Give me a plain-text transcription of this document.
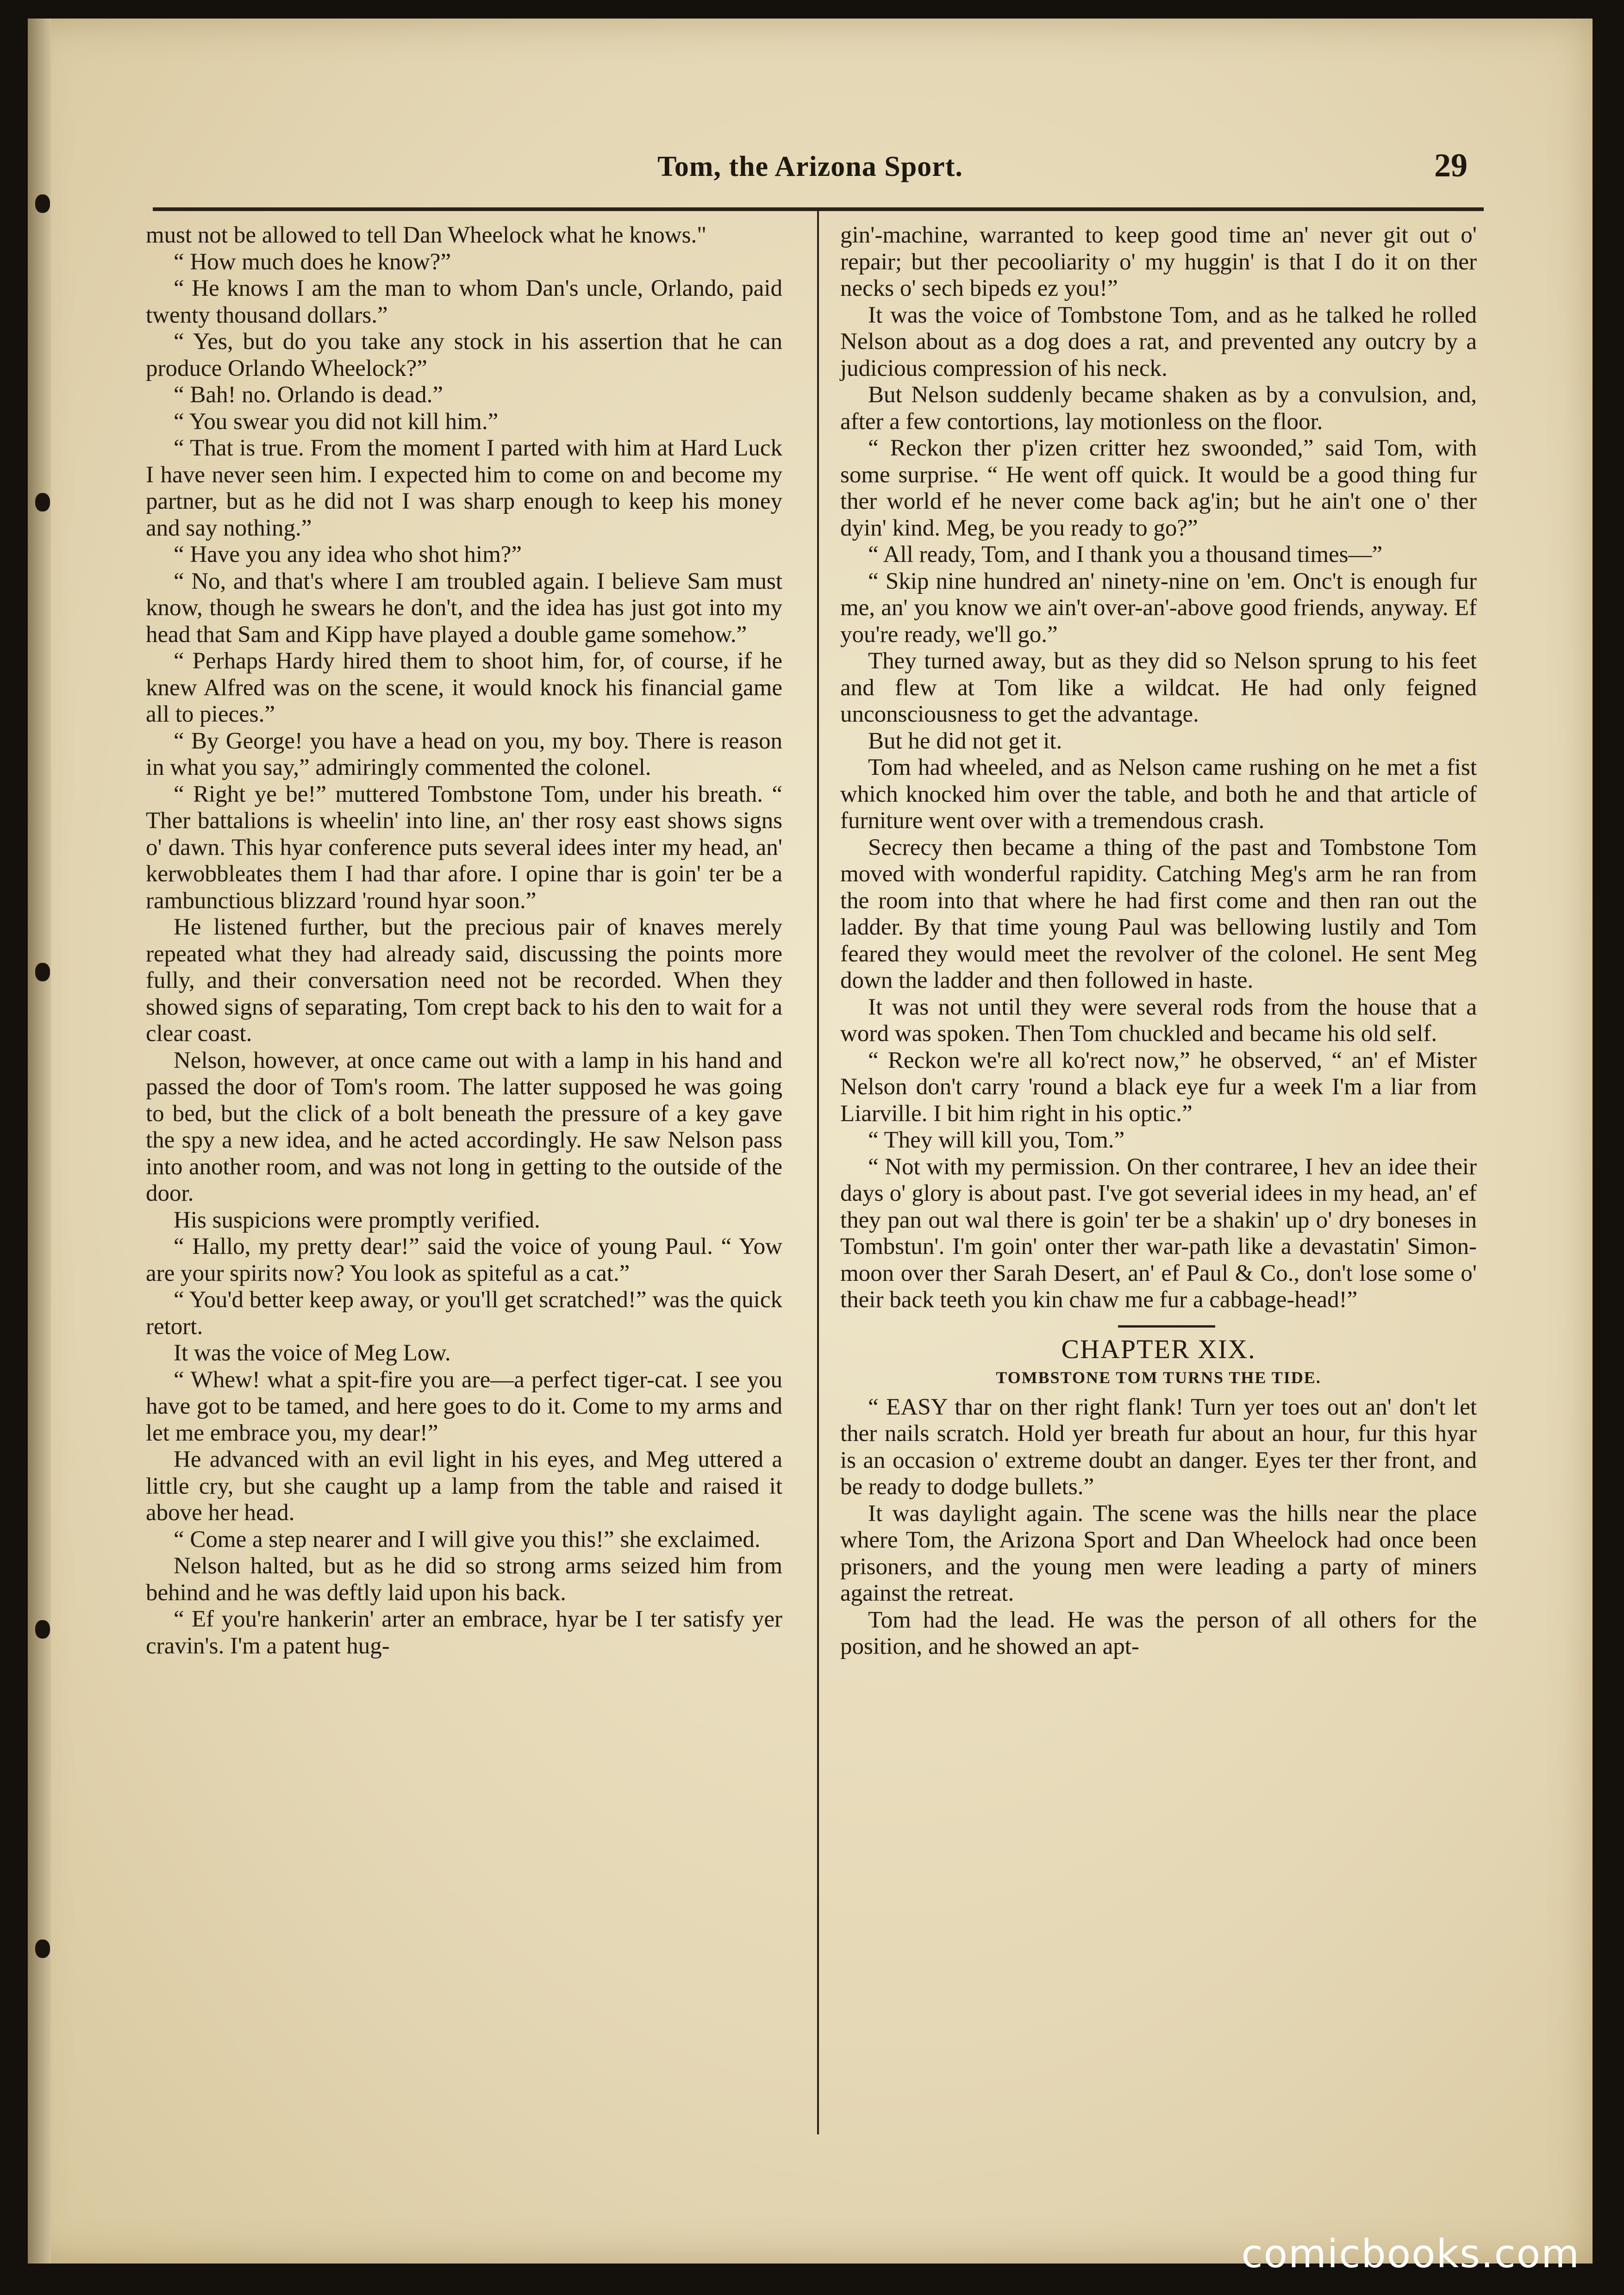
Tom, the Arizona Sport.	29

must not be allowed to tell Dan Wheelock what he knows."

“ How much does he know?”

“ He knows I am the man to whom Dan's uncle, Orlando, paid twenty thousand dollars.”

“ Yes, but do you take any stock in his assertion that he can produce Orlando Wheelock?”

“ Bah! no. Orlando is dead.”

“ You swear you did not kill him.”

“ That is true. From the moment I parted with him at Hard Luck I have never seen him. I expected him to come on and become my partner, but as he did not I was sharp enough to keep his money and say nothing.”

“ Have you any idea who shot him?”

“ No, and that's where I am troubled again. I believe Sam must know, though he swears he don't, and the idea has just got into my head that Sam and Kipp have played a double game somehow.”

“ Perhaps Hardy hired them to shoot him, for, of course, if he knew Alfred was on the scene, it would knock his financial game all to pieces.”

“ By George! you have a head on you, my boy. There is reason in what you say,” admiringly commented the colonel.

“ Right ye be!” muttered Tombstone Tom, under his breath. “ Ther battalions is wheelin' into line, an' ther rosy east shows signs o' dawn. This hyar conference puts several idees inter my head, an' kerwobbleates them I had thar afore. I opine thar is goin' ter be a rambunctious blizzard 'round hyar soon.”

He listened further, but the precious pair of knaves merely repeated what they had already said, discussing the points more fully, and their conversation need not be recorded. When they showed signs of separating, Tom crept back to his den to wait for a clear coast.

Nelson, however, at once came out with a lamp in his hand and passed the door of Tom's room. The latter supposed he was going to bed, but the click of a bolt beneath the pressure of a key gave the spy a new idea, and he acted accordingly. He saw Nelson pass into another room, and was not long in getting to the outside of the door.

His suspicions were promptly verified.

“ Hallo, my pretty dear!” said the voice of young Paul. “ Yow are your spirits now? You look as spiteful as a cat.”

“ You'd better keep away, or you'll get scratched!” was the quick retort.

It was the voice of Meg Low.

“ Whew! what a spit-fire you are—a perfect tiger-cat. I see you have got to be tamed, and here goes to do it. Come to my arms and let me embrace you, my dear!”

He advanced with an evil light in his eyes, and Meg uttered a little cry, but she caught up a lamp from the table and raised it above her head.

“ Come a step nearer and I will give you this!” she exclaimed.

Nelson halted, but as he did so strong arms seized him from behind and he was deftly laid upon his back.

“ Ef you're hankerin' arter an embrace, hyar be I ter satisfy yer cravin's. I'm a patent hug-

gin'-machine, warranted to keep good time an' never git out o' repair; but ther pecooliarity o' my huggin' is that I do it on ther necks o' sech bipeds ez you!”

It was the voice of Tombstone Tom, and as he talked he rolled Nelson about as a dog does a rat, and prevented any outcry by a judicious compression of his neck.

But Nelson suddenly became shaken as by a convulsion, and, after a few contortions, lay motionless on the floor.

“ Reckon ther p'izen critter hez swoonded,” said Tom, with some surprise. “ He went off quick. It would be a good thing fur ther world ef he never come back ag'in; but he ain't one o' ther dyin' kind. Meg, be you ready to go?”

“ All ready, Tom, and I thank you a thousand times—”

“ Skip nine hundred an' ninety-nine on 'em. Onc't is enough fur me, an' you know we ain't over-an'-above good friends, anyway. Ef you're ready, we'll go.”

They turned away, but as they did so Nelson sprung to his feet and flew at Tom like a wildcat. He had only feigned unconsciousness to get the advantage.

But he did not get it.

Tom had wheeled, and as Nelson came rushing on he met a fist which knocked him over the table, and both he and that article of furniture went over with a tremendous crash.

Secrecy then became a thing of the past and Tombstone Tom moved with wonderful rapidity. Catching Meg's arm he ran from the room into that where he had first come and then ran out the ladder. By that time young Paul was bellowing lustily and Tom feared they would meet the revolver of the colonel. He sent Meg down the ladder and then followed in haste.

It was not until they were several rods from the house that a word was spoken. Then Tom chuckled and became his old self.

“ Reckon we're all ko'rect now,” he observed, “ an' ef Mister Nelson don't carry 'round a black eye fur a week I'm a liar from Liarville. I bit him right in his optic.”

“ They will kill you, Tom.”

“ Not with my permission. On ther contraree, I hev an idee their days o' glory is about past. I've got severial idees in my head, an' ef they pan out wal there is goin' ter be a shakin' up o' dry boneses in Tombstun'. I'm goin' onter ther war-path like a devastatin' Simon-moon over ther Sarah Desert, an' ef Paul & Co., don't lose some o' their back teeth you kin chaw me fur a cabbage-head!”

CHAPTER XIX.
TOMBSTONE TOM TURNS THE TIDE.

“ EASY thar on ther right flank! Turn yer toes out an' don't let ther nails scratch. Hold yer breath fur about an hour, fur this hyar is an occasion o' extreme doubt an danger. Eyes ter ther front, and be ready to dodge bullets.”

It was daylight again. The scene was the hills near the place where Tom, the Arizona Sport and Dan Wheelock had once been prisoners, and the young men were leading a party of miners against the retreat.

Tom had the lead. He was the person of all others for the position, and he showed an apt-

comicbooks.com
